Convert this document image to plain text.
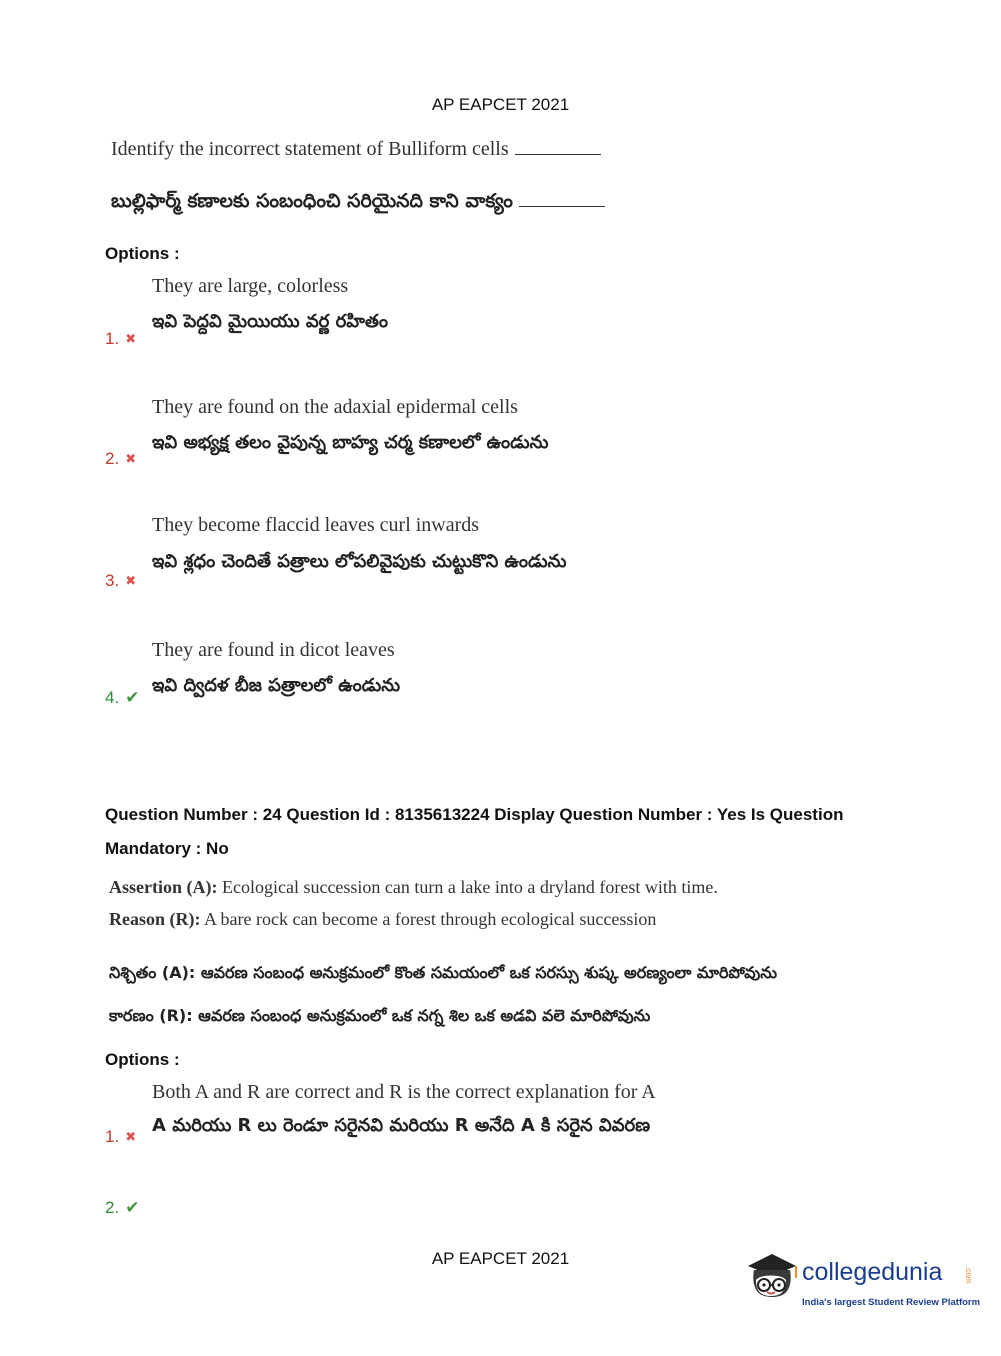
AP EAPCET 2021
Identify the incorrect statement of Bulliform cells
బుల్లిఫార్మ్ కణాలకు సంబంధించి సరియైనది కాని వాక్యం
Options :
They are large, colorless
ఇవి పెద్దవి మైయియు వర్ణ రహితం
1. ✖
They are found on the adaxial epidermal cells
ఇవి అభ్యక్ష తలం వైపున్న బాహ్య చర్మ కణాలలో ఉండును
2. ✖
They become flaccid leaves curl inwards
ఇవి శ్లధం చెందితే పత్రాలు లోపలివైపుకు చుట్టుకొని ఉండును
3. ✖
They are found in dicot leaves
ఇవి ద్విదళ బీజ పత్రాలలో ఉండును
4. ✔
Question Number : 24 Question Id : 8135613224 Display Question Number : Yes Is Question
Mandatory : No
Assertion (A): Ecological succession can turn a lake into a dryland forest with time.
Reason (R): A bare rock can become a forest through ecological succession
నిశ్చితం (A): ఆవరణ సంబంధ అనుక్రమంలో కొంత సమయంలో ఒక సరస్సు శుష్క అరణ్యంలా మారిపోవును
కారణం (R): ఆవరణ సంబంధ అనుక్రమంలో ఒక నగ్న శిల ఒక అడవి వలె మారిపోవును
Options :
Both A and R are correct and R is the correct explanation for A
A మరియు R లు రెండూ సరైనవి మరియు R అనేది A కి సరైన వివరణ
1. ✖
2. ✔
AP EAPCET 2021	collegedunia	.com
India's largest Student Review Platform
